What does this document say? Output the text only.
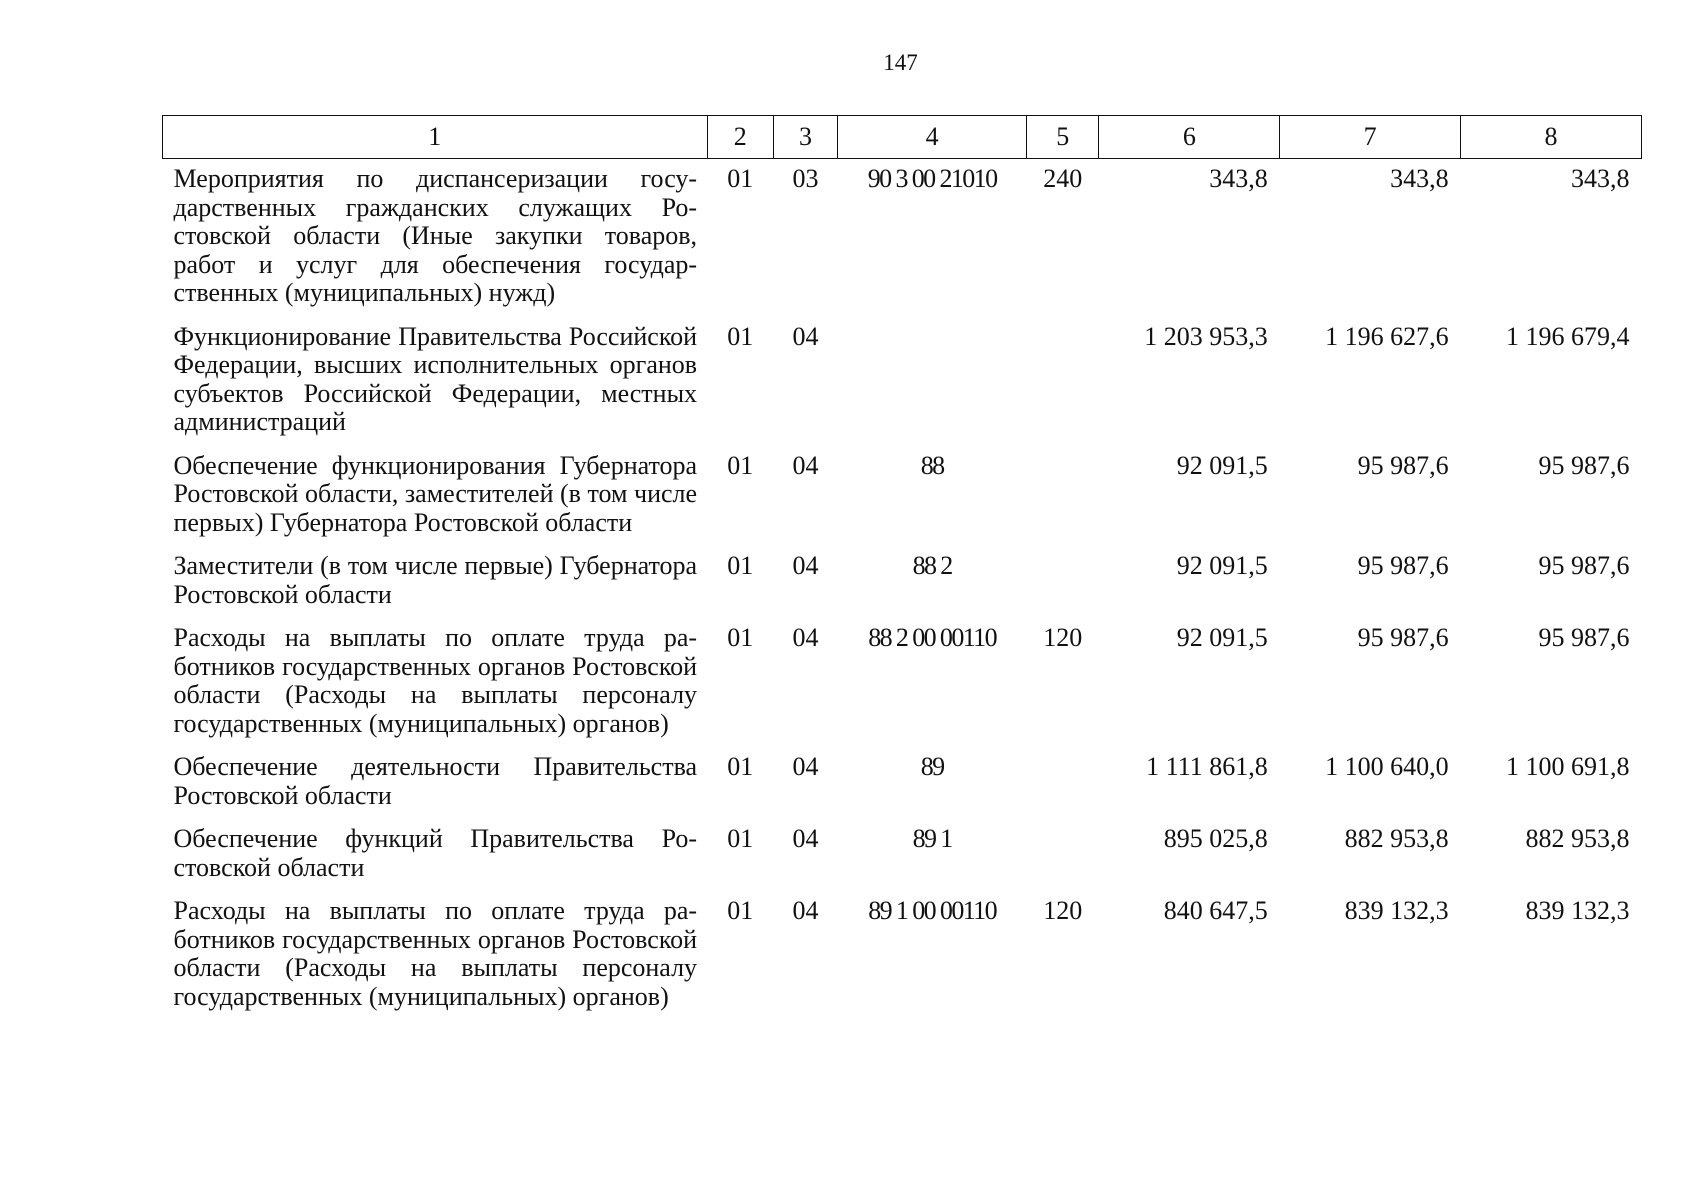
147
1	2	3	4	5	6	7	8
Мероприятия по диспансеризации государственных гражданских служащих Ростовской области (Иные закупки товаров, работ и услуг для обеспечения государственных (муниципальных) нужд)	01	03	90 3 00 21010	240	343,8	343,8	343,8
Функционирование Правительства Российской Федерации, высших исполнительных органов субъектов Российской Федерации, местных администраций	01	04			1 203 953,3	1 196 627,6	1 196 679,4
Обеспечение функционирования Губернатора Ростовской области, заместителей (в том числе первых) Губернатора Ростовской области	01	04	88		92 091,5	95 987,6	95 987,6
Заместители (в том числе первые) Губернатора Ростовской области	01	04	88 2		92 091,5	95 987,6	95 987,6
Расходы на выплаты по оплате труда работников государственных органов Ростовской области (Расходы на выплаты персоналу государственных (муниципальных) органов)	01	04	88 2 00 00110	120	92 091,5	95 987,6	95 987,6
Обеспечение деятельности Правительства Ростовской области	01	04	89		1 111 861,8	1 100 640,0	1 100 691,8
Обеспечение функций Правительства Ростовской области	01	04	89 1		895 025,8	882 953,8	882 953,8
Расходы на выплаты по оплате труда работников государственных органов Ростовской области (Расходы на выплаты персоналу государственных (муниципальных) органов)	01	04	89 1 00 00110	120	840 647,5	839 132,3	839 132,3
